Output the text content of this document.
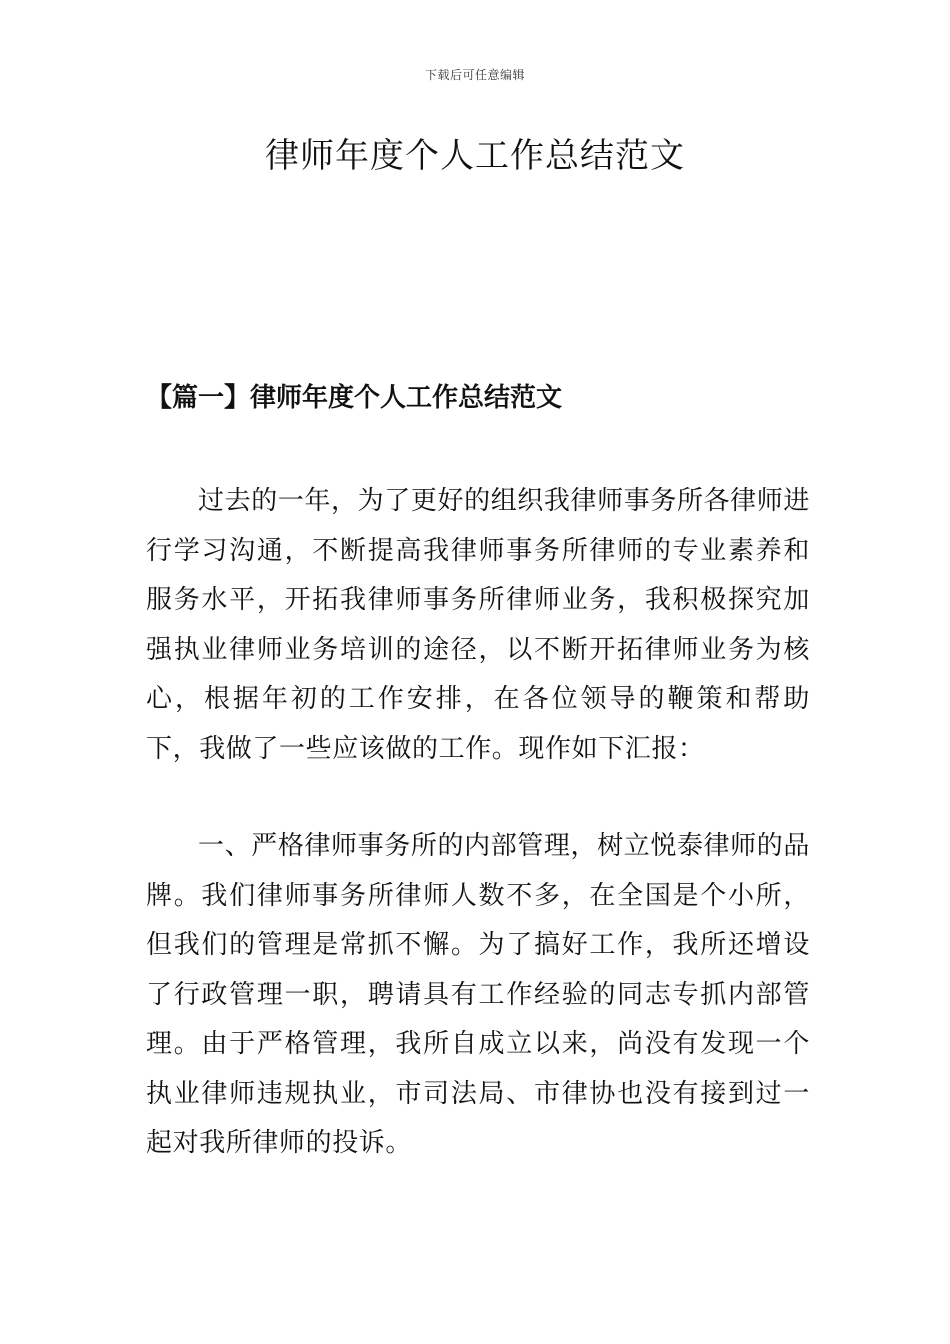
下载后可任意编辑
律师年度个人工作总结范文
【篇一】律师年度个人工作总结范文

过去的一年，为了更好的组织我律师事务所各律师进行学习沟通，不断提高我律师事务所律师的专业素养和服务水平，开拓我律师事务所律师业务，我积极探究加强执业律师业务培训的途径，以不断开拓律师业务为核心，根据年初的工作安排，在各位领导的鞭策和帮助下，我做了一些应该做的工作。现作如下汇报：

一、严格律师事务所的内部管理，树立悦泰律师的品牌。我们律师事务所律师人数不多，在全国是个小所，但我们的管理是常抓不懈。为了搞好工作，我所还增设了行政管理一职，聘请具有工作经验的同志专抓内部管理。由于严格管理，我所自成立以来，尚没有发现一个执业律师违规执业，市司法局、市律协也没有接到过一起对我所律师的投诉。
